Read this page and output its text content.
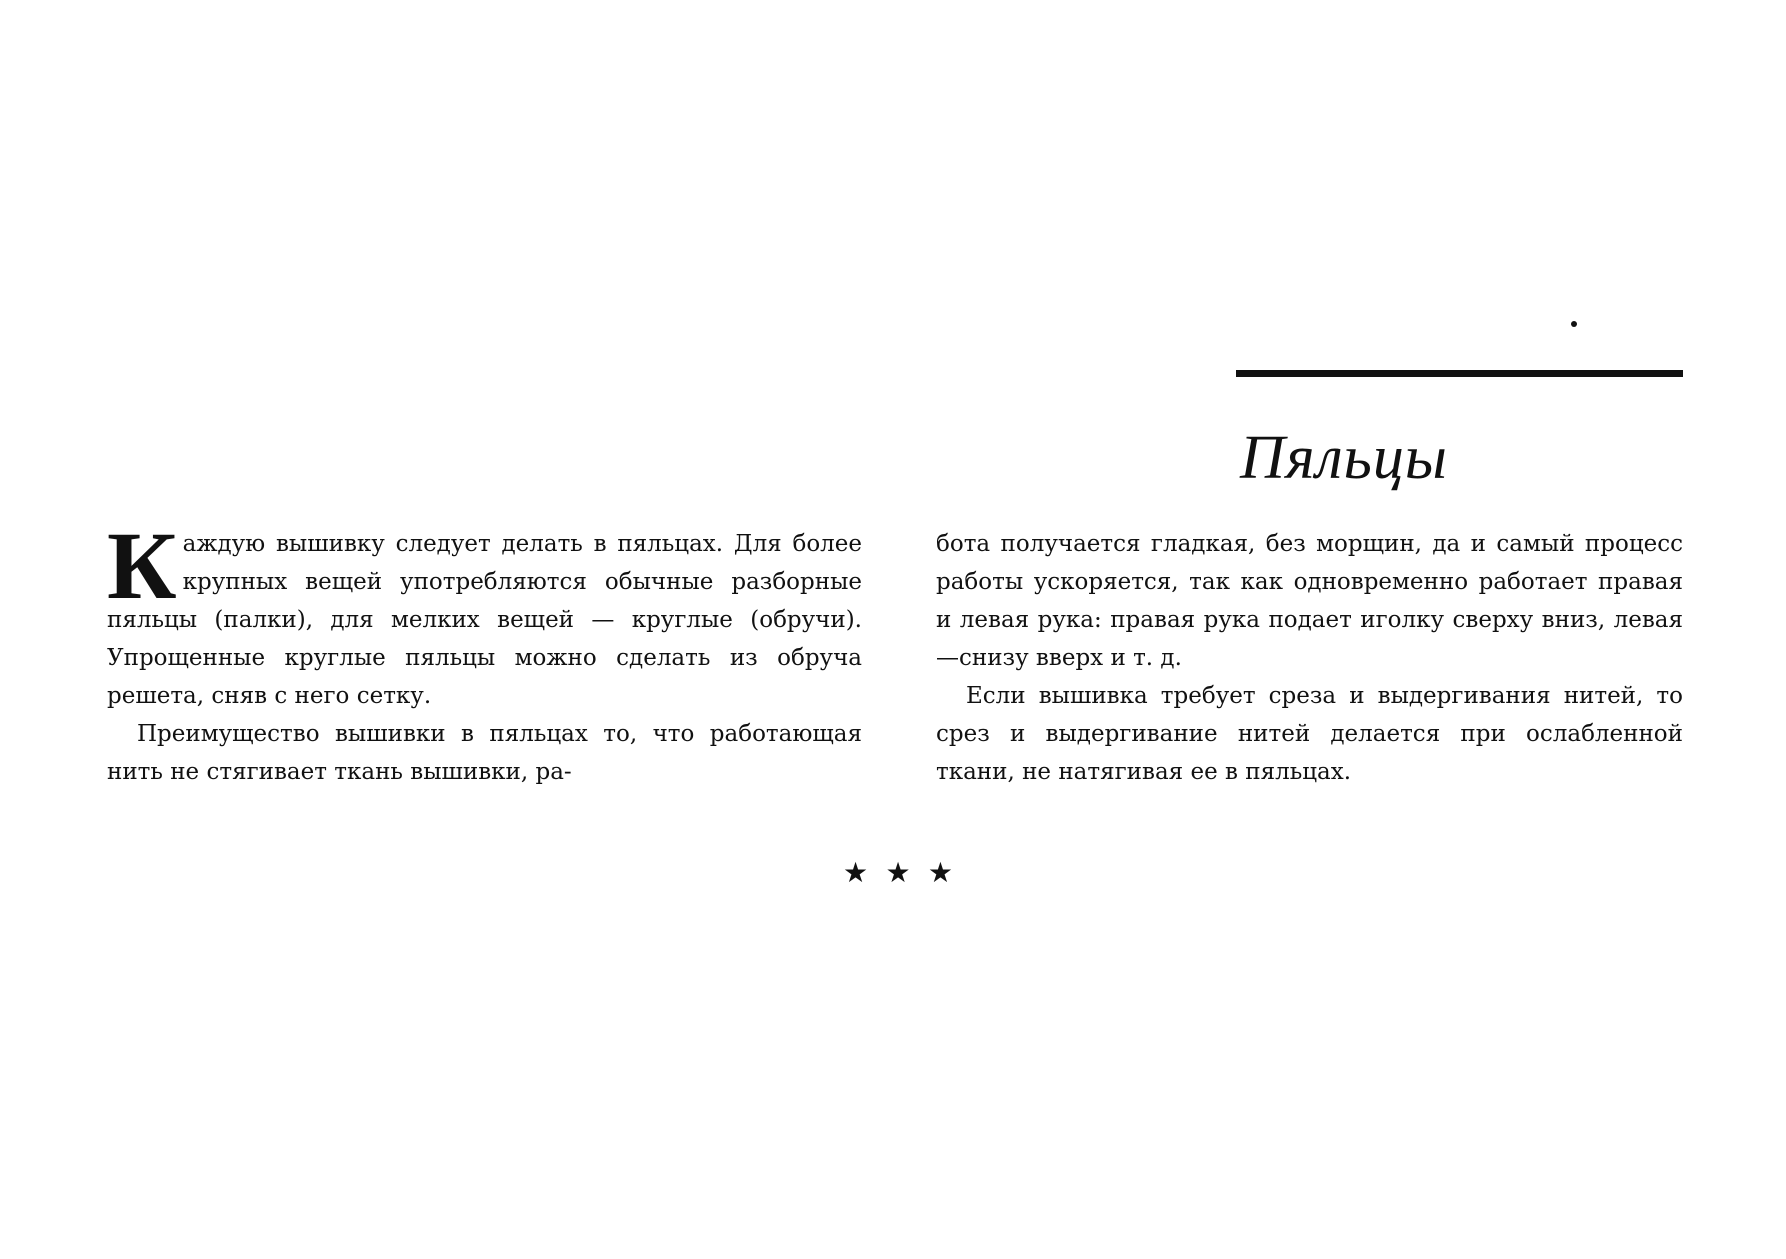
Пяльцы

Каждую вышивку следует делать в пяльцах. Для более крупных вещей употребляются обычные разборные пяльцы (палки), для мелких вещей — круглые (обручи). Упрощенные круглые пяльцы можно сделать из обруча решета, сняв с него сетку.

Преимущество вышивки в пяльцах то, что работающая нить не стягивает ткань вышивки, ра-

бота получается гладкая, без морщин, да и самый процесс работы ускоряется, так как одновременно работает правая и левая рука: правая рука подает иголку сверху вниз, левая—снизу вверх и т. д.

Если вышивка требует среза и выдергивания нитей, то срез и выдергивание нитей делается при ослабленной ткани, не натягивая ее в пяльцах.

★ ★ ★
